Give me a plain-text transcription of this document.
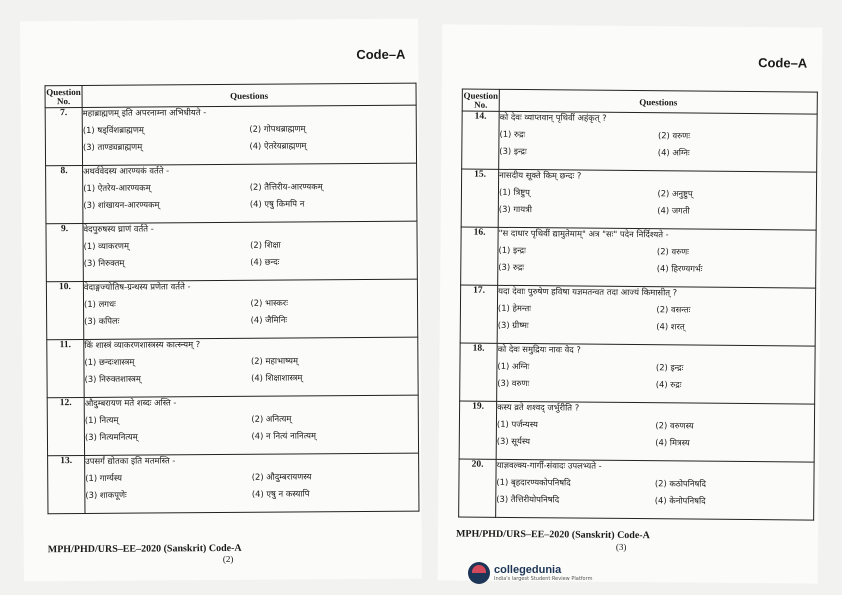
Code–A
Question No.	Questions
7.	महाब्राह्मणम् इति अपरनाम्ना अभिधीयते -
(1) षड्विंशब्राह्मणम् (2) गोपथब्राह्मणम्
(3) ताण्ड्यब्राह्मणम् (4) ऐतरेयब्राह्मणम्

8.	अथर्ववेदस्य आरण्यकं वर्तते -
(1) ऐतरेय-आरण्यकम् (2) तैत्तिरीय-आरण्यकम्
(3) शांखायन-आरण्यकम् (4) एषु किमपि न

9.	वेदपुरुषस्य घ्राणं वर्तते -
(1) व्याकरणम् (2) शिक्षा
(3) निरुक्तम् (4) छन्दः

10.	वेदाङ्गज्योतिष-ग्रन्थस्य प्रणेता वर्तते -
(1) लगधः (2) भास्करः
(3) कपिलः (4) जैमिनिः

11.	किं शास्त्रं व्याकरणशास्त्रस्य कात्स्न्यम् ?
(1) छन्दःशास्त्रम् (2) महाभाष्यम्
(3) निरुक्तशास्त्रम् (4) शिक्षाशास्त्रम्

12.	औदुम्बरायण मते शब्दः अस्ति -
(1) नित्यम् (2) अनित्यम्
(3) नित्यमनित्यम् (4) न नित्यं नानित्यम्

13.	उपसर्गं द्योतका इति मतमस्ति -
(1) गार्ग्यस्य (2) औदुम्बरायणस्य
(3) शाकपूणेः (4) एषु न कस्यापि
MPH/PHD/URS–EE–2020 (Sanskrit) Code-A
(2)
Code–A
Question No.	Questions
14.	को देवः व्याप्तवान् पृथिवीं अहंकृत् ?
(1) रुद्रः (2) वरुणः
(3) इन्द्रः (4) अग्निः

15.	नासदीय सूक्ते किम् छन्दः ?
(1) त्रिष्टुप् (2) अनुष्टुप्
(3) गायत्री (4) जगती

16.	"स दाधार पृथिवीं द्यामुतेमाम्" अत्र "सः" पदेन निर्दिश्यते -
(1) इन्द्रः (2) वरुणः
(3) रुद्रः (4) हिरण्यगर्भः

17.	यदा देवाः पुरुषेण हविषा यज्ञमतन्वत तदा आज्यं किमासीत् ?
(1) हेमन्तः (2) वसन्तः
(3) ग्रीष्मः (4) शरत्

18.	को देवः समुद्रियः नावः वेद ?
(1) अग्निः (2) इन्द्रः
(3) वरुणः (4) रुद्रः

19.	कस्य व्रते शश्वद् जर्भुरीति ?
(1) पर्जन्यस्य (2) वरुणस्य
(3) सूर्यस्य (4) मित्रस्य

20.	याज्ञवल्क्य-गार्गी-संवादः उपलभ्यते -
(1) बृहदारण्यकोपनिषदि (2) कठोपनिषदि
(3) तैत्तिरीयोपनिषदि (4) केनोपनिषदि
MPH/PHD/URS–EE–2020 (Sanskrit) Code-A
(3)
collegedunia
India's largest Student Review Platform
